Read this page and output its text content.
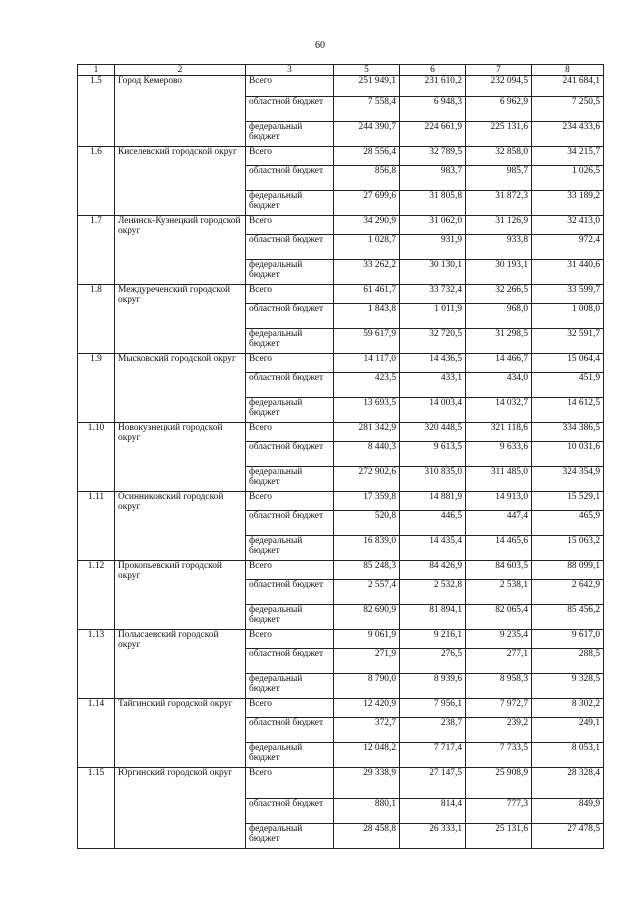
60
1	2	3	5	6	7	8
1.5	Город Кемерово	Всего	251 949,1	231 610,2	232 094,5	241 684,1
		областной бюджет	7 558,4	6 948,3	6 962,9	7 250,5
		федеральный бюджет	244 390,7	224 661,9	225 131,6	234 433,6
1.6	Киселевский городской округ	Всего	28 556,4	32 789,5	32 858,0	34 215,7
		областной бюджет	856,8	983,7	985,7	1 026,5
		федеральный бюджет	27 699,6	31 805,8	31 872,3	33 189,2
1.7	Ленинск-Кузнецкий городской округ	Всего	34 290,9	31 062,0	31 126,9	32 413,0
		областной бюджет	1 028,7	931,9	933,8	972,4
		федеральный бюджет	33 262,2	30 130,1	30 193,1	31 440,6
1.8	Междуреченский городской округ	Всего	61 461,7	33 732,4	32 266,5	33 599,7
		областной бюджет	1 843,8	1 011,9	968,0	1 008,0
		федеральный бюджет	59 617,9	32 720,5	31 298,5	32 591,7
1.9	Мысковский городской округ	Всего	14 117,0	14 436,5	14 466,7	15 064,4
		областной бюджет	423,5	433,1	434,0	451,9
		федеральный бюджет	13 693,5	14 003,4	14 032,7	14 612,5
1.10	Новокузнецкий городской округ	Всего	281 342,9	320 448,5	321 118,6	334 386,5
		областной бюджет	8 440,3	9 613,5	9 633,6	10 031,6
		федеральный бюджет	272 902,6	310 835,0	311 485,0	324 354,9
1.11	Осинниковский городской округ	Всего	17 359,8	14 881,9	14 913,0	15 529,1
		областной бюджет	520,8	446,5	447,4	465,9
		федеральный бюджет	16 839,0	14 435,4	14 465,6	15 063,2
1.12	Прокопьевский городской округ	Всего	85 248,3	84 426,9	84 603,5	88 099,1
		областной бюджет	2 557,4	2 532,8	2 538,1	2 642,9
		федеральный бюджет	82 690,9	81 894,1	82 065,4	85 456,2
1.13	Полысаевский городской округ	Всего	9 061,9	9 216,1	9 235,4	9 617,0
		областной бюджет	271,9	276,5	277,1	288,5
		федеральный бюджет	8 790,0	8 939,6	8 958,3	9 328,5
1.14	Тайгинский городской округ	Всего	12 420,9	7 956,1	7 972,7	8 302,2
		областной бюджет	372,7	238,7	239,2	249,1
		федеральный бюджет	12 048,2	7 717,4	7 733,5	8 053,1
1.15	Юргинский городской округ	Всего	29 338,9	27 147,5	25 908,9	28 328,4
		областной бюджет	880,1	814,4	777,3	849,9
		федеральный бюджет	28 458,8	26 333,1	25 131,6	27 478,5
